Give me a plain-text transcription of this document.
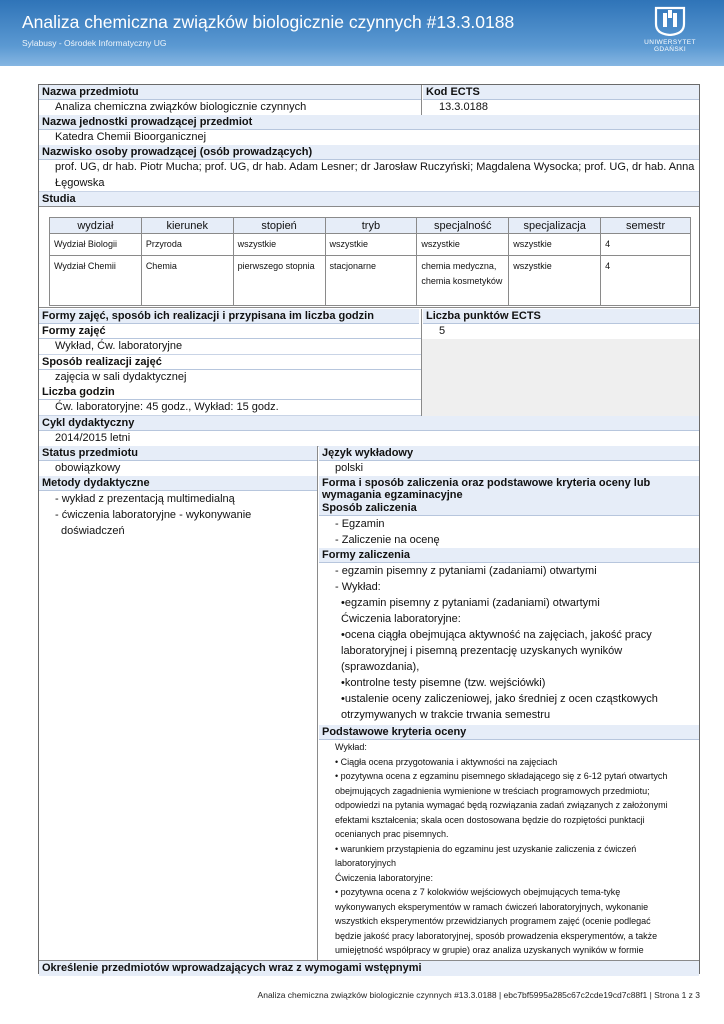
Analiza chemiczna związków biologicznie czynnych #13.3.0188
Sylabusy - Ośrodek Informatyczny UG	UNIWERSYTET GDAŃSKI
Nazwa przedmiotu	Kod ECTS
Analiza chemiczna związków biologicznie czynnych	13.3.0188
Nazwa jednostki prowadzącej przedmiot
Katedra Chemii Bioorganicznej
Nazwisko osoby prowadzącej (osób prowadzących)
prof. UG, dr hab. Piotr Mucha; prof. UG, dr hab. Adam Lesner; dr Jarosław Ruczyński; Magdalena Wysocka; prof. UG, dr hab. Anna
Łęgowska
Studia
wydział	kierunek	stopień	tryb	specjalność	specjalizacja	semestr
Wydział Biologii	Przyroda	wszystkie	wszystkie	wszystkie	wszystkie	4
Wydział Chemii	Chemia	pierwszego stopnia	stacjonarne	chemia medyczna, chemia kosmetyków	wszystkie	4
Formy zajęć, sposób ich realizacji i przypisana im liczba godzin	Liczba punktów ECTS
5
Formy zajęć
Wykład, Ćw. laboratoryjne
Sposób realizacji zajęć
zajęcia w sali dydaktycznej
Liczba godzin
Ćw. laboratoryjne: 45 godz., Wykład: 15 godz.
Cykl dydaktyczny
2014/2015 letni
Status przedmiotu	Język wykładowy
obowiązkowy	polski
Metody dydaktyczne
- wykład z prezentacją multimedialną
- ćwiczenia laboratoryjne - wykonywanie
doświadczeń
Forma i sposób zaliczenia oraz podstawowe kryteria oceny lub
wymagania egzaminacyjne
Sposób zaliczenia
- Egzamin
- Zaliczenie na ocenę
Formy zaliczenia
- egzamin pisemny z pytaniami (zadaniami) otwartymi
- Wykład:
•egzamin pisemny z pytaniami (zadaniami) otwartymi
Ćwiczenia laboratoryjne:
•ocena ciągła obejmująca aktywność na zajęciach, jakość pracy
laboratoryjnej i pisemną prezentację uzyskanych wyników
(sprawozdania),
•kontrolne testy pisemne (tzw. wejściówki)
•ustalenie oceny zaliczeniowej, jako średniej z ocen cząstkowych
otrzymywanych w trakcie trwania semestru
Podstawowe kryteria oceny
Wykład:
• Ciągła ocena przygotowania i aktywności na zajęciach
• pozytywna ocena z egzaminu pisemnego składającego się z 6-12 pytań otwartych
obejmujących zagadnienia wymienione w treściach programowych przedmiotu;
odpowiedzi na pytania wymagać będą rozwiązania zadań związanych z założonymi
efektami kształcenia; skala ocen dostosowana będzie do rozpiętości punktacji
ocenianych prac pisemnych.
• warunkiem przystąpienia do egzaminu jest uzyskanie zaliczenia z ćwiczeń
laboratoryjnych
Ćwiczenia laboratoryjne:
• pozytywna ocena z 7 kolokwiów wejściowych obejmujących tema-tykę
wykonywanych eksperymentów w ramach ćwiczeń laboratoryjnych, wykonanie
wszystkich eksperymentów przewidzianych programem zajęć (ocenie podlegać
będzie jakość pracy laboratoryjnej, sposób prowadzenia eksperymentów, a także
umiejętność współpracy w grupie) oraz analiza uzyskanych wyników w formie
Określenie przedmiotów wprowadzających wraz z wymogami wstępnymi
Analiza chemiczna związków biologicznie czynnych #13.3.0188 | ebc7bf5995a285c67c2cde19cd7c88f1 | Strona 1 z 3
